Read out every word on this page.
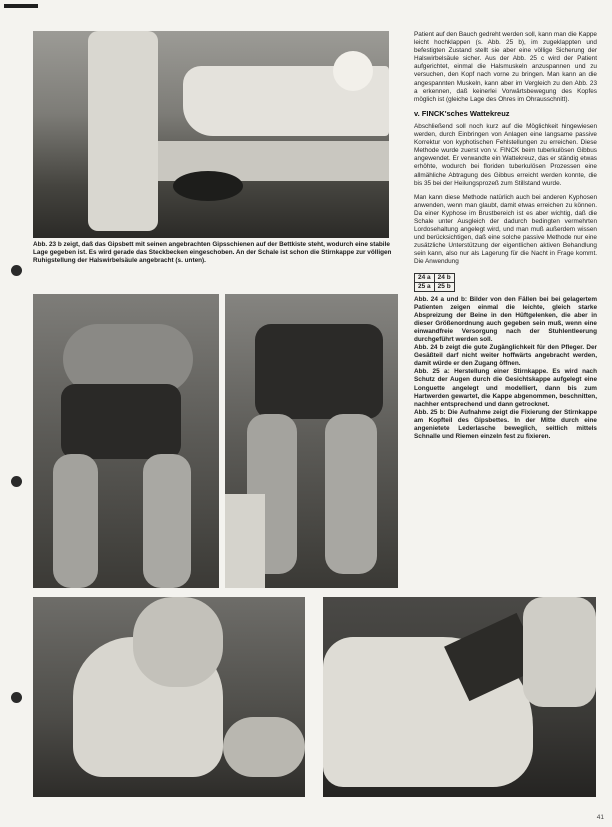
Abb. 23 b zeigt, daß das Gipsbett mit seinen angebrachten Gipsschienen auf der Bettkiste steht, wodurch eine stabile Lage gegeben ist. Es wird gerade das Steckbecken eingeschoben. An der Schale ist schon die Stirnkappe zur völligen Ruhigstellung der Halswirbelsäule angebracht (s. unten).

Patient auf den Bauch gedreht werden soll, kann man die Kappe leicht hochklappen (s. Abb. 25 b), im zugeklappten und befestigten Zustand stellt sie aber eine völlige Sicherung der Halswirbelsäule sicher. Aus der Abb. 25 c wird der Patient aufgerichtet, einmal die Halsmuskeln anzuspannen und zu versuchen, den Kopf nach vorne zu bringen. Man kann an die angespannten Muskeln, kann aber im Vergleich zu den Abb. 23 a erkennen, daß keinerlei Vorwärtsbewegung des Kopfes möglich ist (gleiche Lage des Ohres im Ohrausschnitt).

v. FINCK'sches Wattekreuz

Abschließend soll noch kurz auf die Möglichkeit hingewiesen werden, durch Einbringen von Anlagen eine langsame passive Korrektur von kyphotischen Fehlstellungen zu erreichen. Diese Methode wurde zuerst von v. FINCK beim tuberkulösen Gibbus angewendet. Er verwandte ein Wattekreuz, das er ständig etwas erhöhte, wodurch bei floriden tuberkulösen Prozessen eine allmähliche Abtragung des Gibbus erreicht werden konnte, die bis 35 bei der Heilungsprozeß zum Stillstand wurde.

Man kann diese Methode natürlich auch bei anderen Kyphosen anwenden, wenn man glaubt, damit etwas erreichen zu können. Da einer Kyphose im Brustbereich ist es aber wichtig, daß die Schale unter Ausgleich der dadurch bedingten vermehrten Lordosehaltung angelegt wird, und man muß außerdem wissen und berücksichtigen, daß eine solche passive Methode nur eine zusätzliche Unterstützung der eigentlichen aktiven Behandlung sein kann, also nur als Lagerung für die Nacht in Frage kommt. Die Anwendung

24 a	24 b
25 a	25 b

Abb. 24 a und b: Bilder von den Fällen bei bei gelagertem Patienten zeigen einmal die leichte, gleich starke Abspreizung der Beine in den Hüftgelenken, die aber in dieser Größenordnung auch gegeben sein muß, wenn eine einwandfreie Versorgung nach der Stuhlentleerung durchgeführt werden soll.

Abb. 24 b zeigt die gute Zugänglichkeit für den Pfleger. Der Gesäßteil darf nicht weiter hoffwärts angebracht werden, damit würde er den Zugang öffnen.

Abb. 25 a: Herstellung einer Stirnkappe. Es wird nach Schutz der Augen durch die Gesichtskappe aufgelegt eine Longuette angelegt und modelliert, dann bis zum Hartwerden gewartet, die Kappe abgenommen, beschnitten, nachher entsprechend und dann getrocknet.

Abb. 25 b: Die Aufnahme zeigt die Fixierung der Stirnkappe am Kopfteil des Gipsbettes. In der Mitte durch eine angenietete Lederlasche beweglich, seitlich mittels Schnalle und Riemen einzeln fest zu fixieren.

41
